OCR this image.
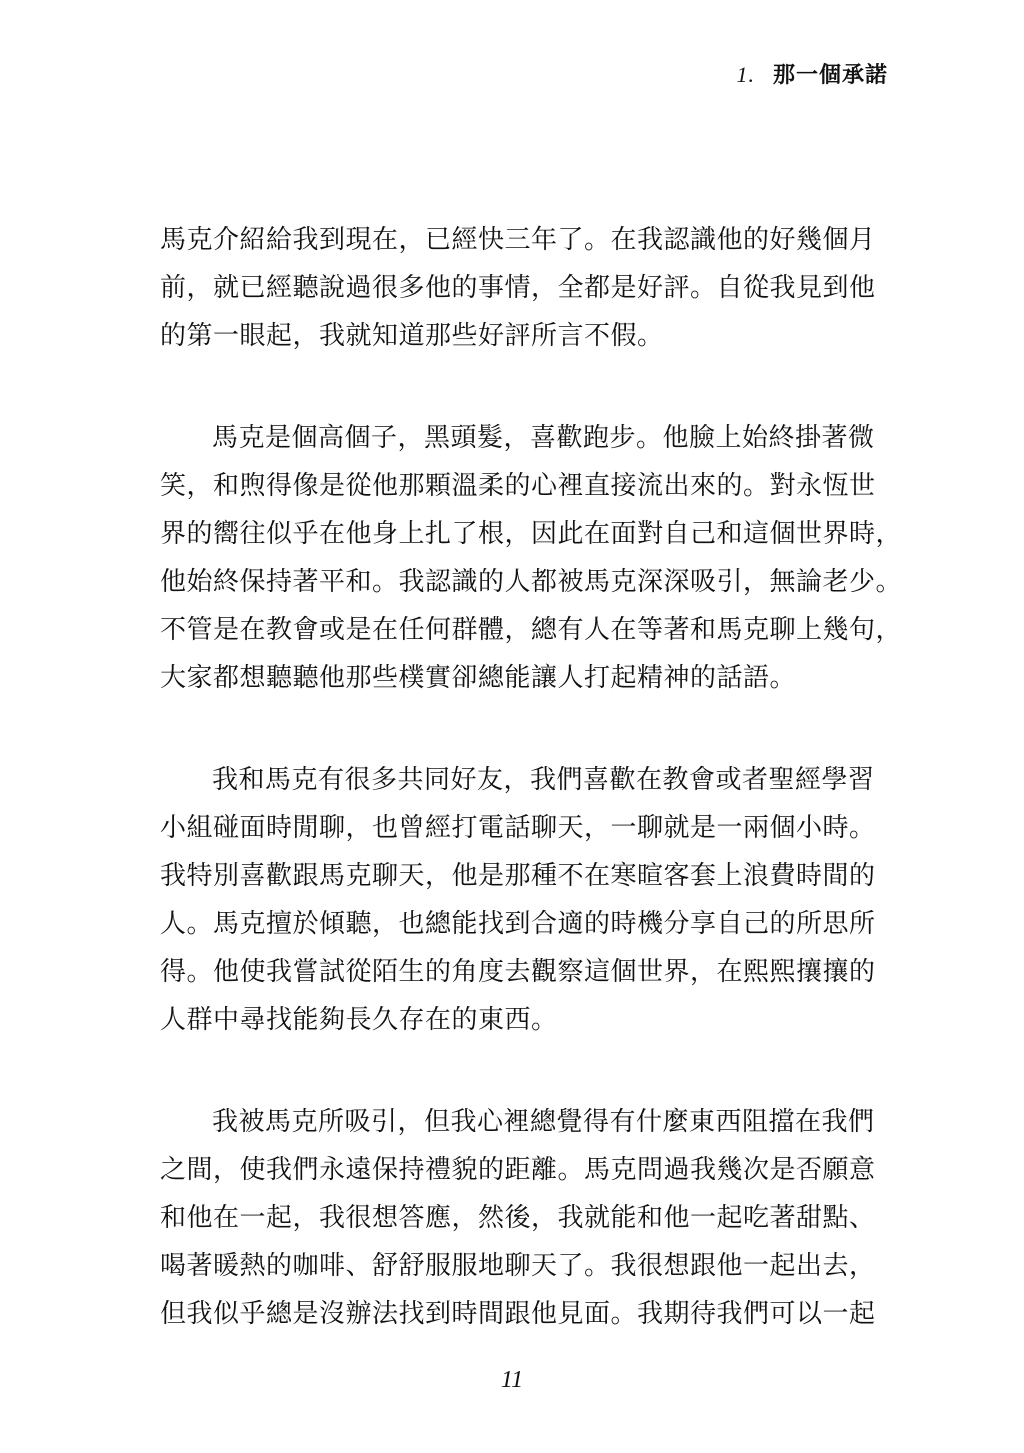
1. 那一個承諾
馬克介紹給我到現在，已經快三年了。在我認識他的好幾個月
前，就已經聽說過很多他的事情，全都是好評。自從我見到他
的第一眼起，我就知道那些好評所言不假。
馬克是個高個子，黑頭髮，喜歡跑步。他臉上始終掛著微
笑，和煦得像是從他那顆溫柔的心裡直接流出來的。對永恆世
界的嚮往似乎在他身上扎了根，因此在面對自己和這個世界時，
他始終保持著平和。我認識的人都被馬克深深吸引，無論老少。
不管是在教會或是在任何群體，總有人在等著和馬克聊上幾句，
大家都想聽聽他那些樸實卻總能讓人打起精神的話語。
我和馬克有很多共同好友，我們喜歡在教會或者聖經學習
小組碰面時閒聊，也曾經打電話聊天，一聊就是一兩個小時。
我特別喜歡跟馬克聊天，他是那種不在寒暄客套上浪費時間的
人。馬克擅於傾聽，也總能找到合適的時機分享自己的所思所
得。他使我嘗試從陌生的角度去觀察這個世界，在熙熙攘攘的
人群中尋找能夠長久存在的東西。
我被馬克所吸引，但我心裡總覺得有什麼東西阻擋在我們
之間，使我們永遠保持禮貌的距離。馬克問過我幾次是否願意
和他在一起，我很想答應，然後，我就能和他一起吃著甜點、
喝著暖熱的咖啡、舒舒服服地聊天了。我很想跟他一起出去，
但我似乎總是沒辦法找到時間跟他見面。我期待我們可以一起
11
